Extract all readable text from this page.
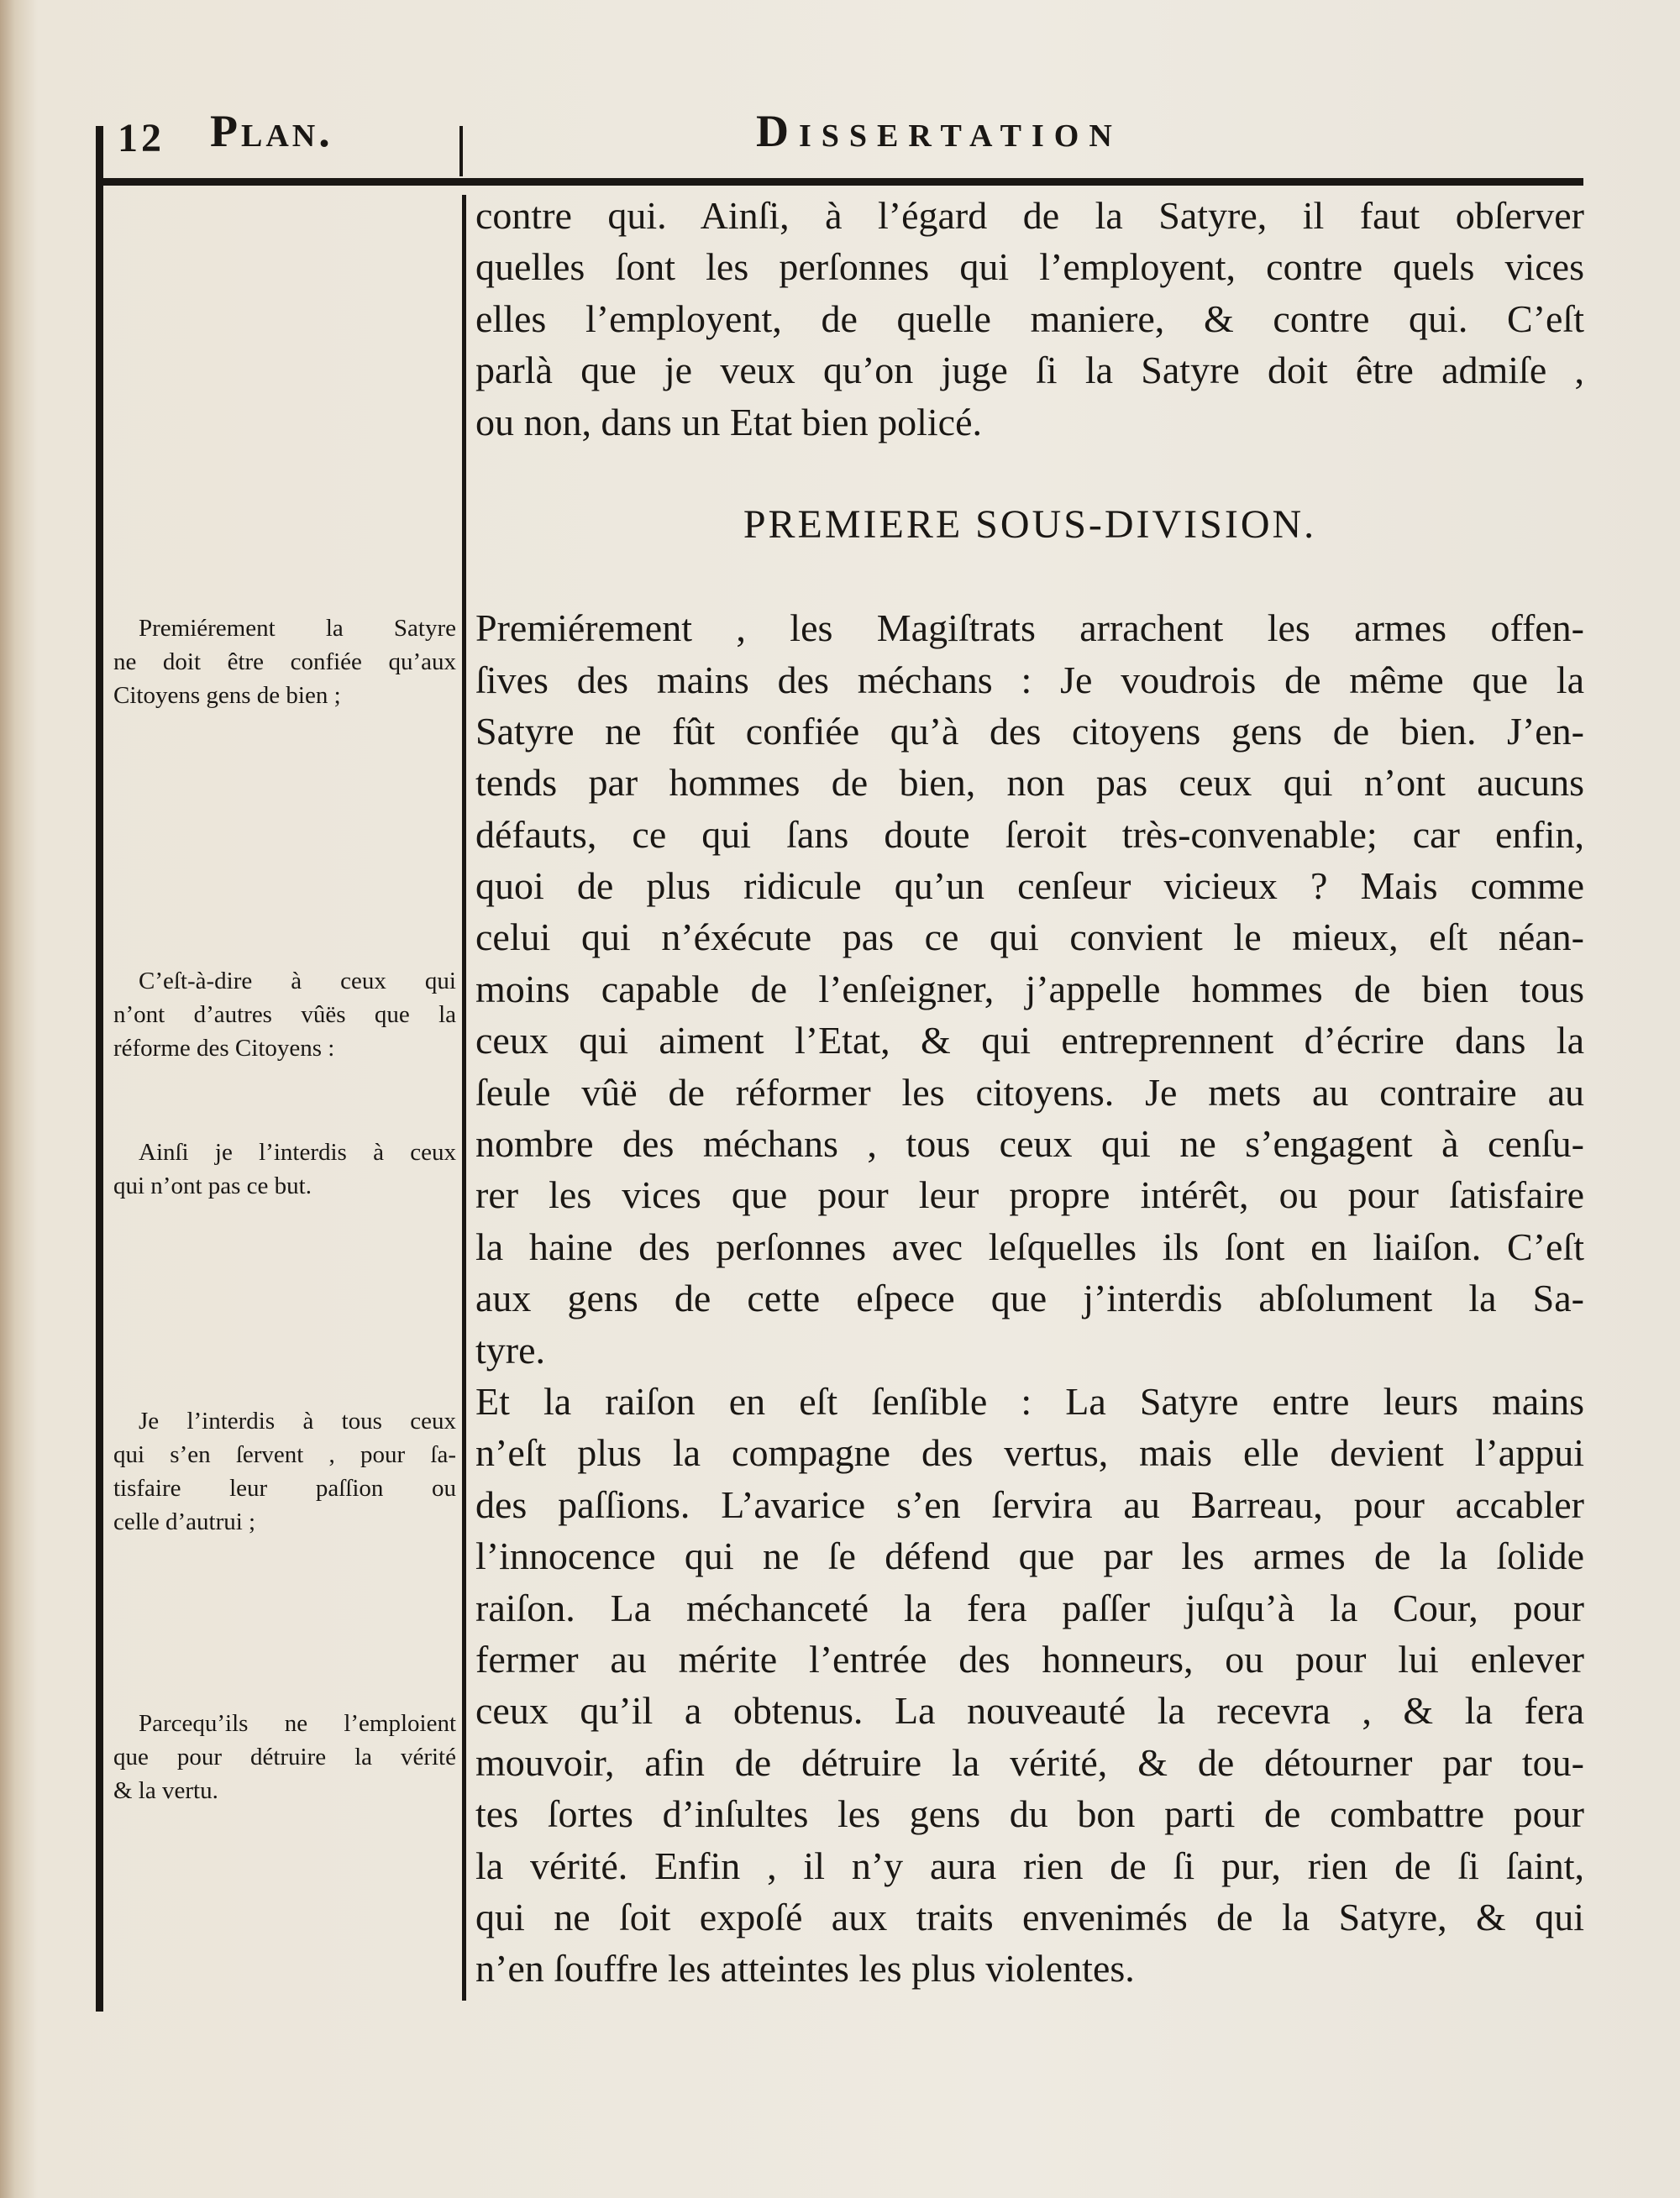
12 Plan.	Dissertation
contre qui. Ainſi, à l’égard de la Satyre, il faut obſerver
quelles ſont les perſonnes qui l’employent, contre quels vices
elles l’employent, de quelle maniere, & contre qui. C’eſt
parlà que je veux qu’on juge ſi la Satyre doit être admiſe ,
ou non, dans un Etat bien policé.
PREMIERE SOUS-DIVISION.
Premiérement , les Magiſtrats arrachent les armes offen-
ſives des mains des méchans : Je voudrois de même que la
Satyre ne fût confiée qu’à des citoyens gens de bien. J’en-
tends par hommes de bien, non pas ceux qui n’ont aucuns
défauts, ce qui ſans doute ſeroit très-convenable; car enfin,
quoi de plus ridicule qu’un cenſeur vicieux ? Mais comme
celui qui n’éxécute pas ce qui convient le mieux, eſt néan-
moins capable de l’enſeigner, j’appelle hommes de bien tous
ceux qui aiment l’Etat, & qui entreprennent d’écrire dans la
ſeule vûë de réformer les citoyens. Je mets au contraire au
nombre des méchans , tous ceux qui ne s’engagent à cenſu-
rer les vices que pour leur propre intérêt, ou pour ſatisfaire
la haine des perſonnes avec leſquelles ils ſont en liaiſon. C’eſt
aux gens de cette eſpece que j’interdis abſolument la Sa-
tyre.
Et la raiſon en eſt ſenſible : La Satyre entre leurs mains
n’eſt plus la compagne des vertus, mais elle devient l’appui
des paſſions. L’avarice s’en ſervira au Barreau, pour accabler
l’innocence qui ne ſe défend que par les armes de la ſolide
raiſon. La méchanceté la fera paſſer juſqu’à la Cour, pour
fermer au mérite l’entrée des honneurs, ou pour lui enlever
ceux qu’il a obtenus. La nouveauté la recevra , & la fera
mouvoir, afin de détruire la vérité, & de détourner par tou-
tes ſortes d’inſultes les gens du bon parti de combattre pour
la vérité. Enfin , il n’y aura rien de ſi pur, rien de ſi ſaint,
qui ne ſoit expoſé aux traits envenimés de la Satyre, & qui
n’en ſouffre les atteintes les plus violentes.
Premiérement la Satyre
ne doit être confiée qu’aux
Citoyens gens de bien ;
C’eſt-à-dire à ceux qui
n’ont d’autres vûës que la
réforme des Citoyens :
Ainſi je l’interdis à ceux
qui n’ont pas ce but.
Je l’interdis à tous ceux
qui s’en ſervent , pour ſa-
tisfaire leur paſſion ou
celle d’autrui ;
Parcequ’ils ne l’emploient
que pour détruire la vérité
& la vertu.
